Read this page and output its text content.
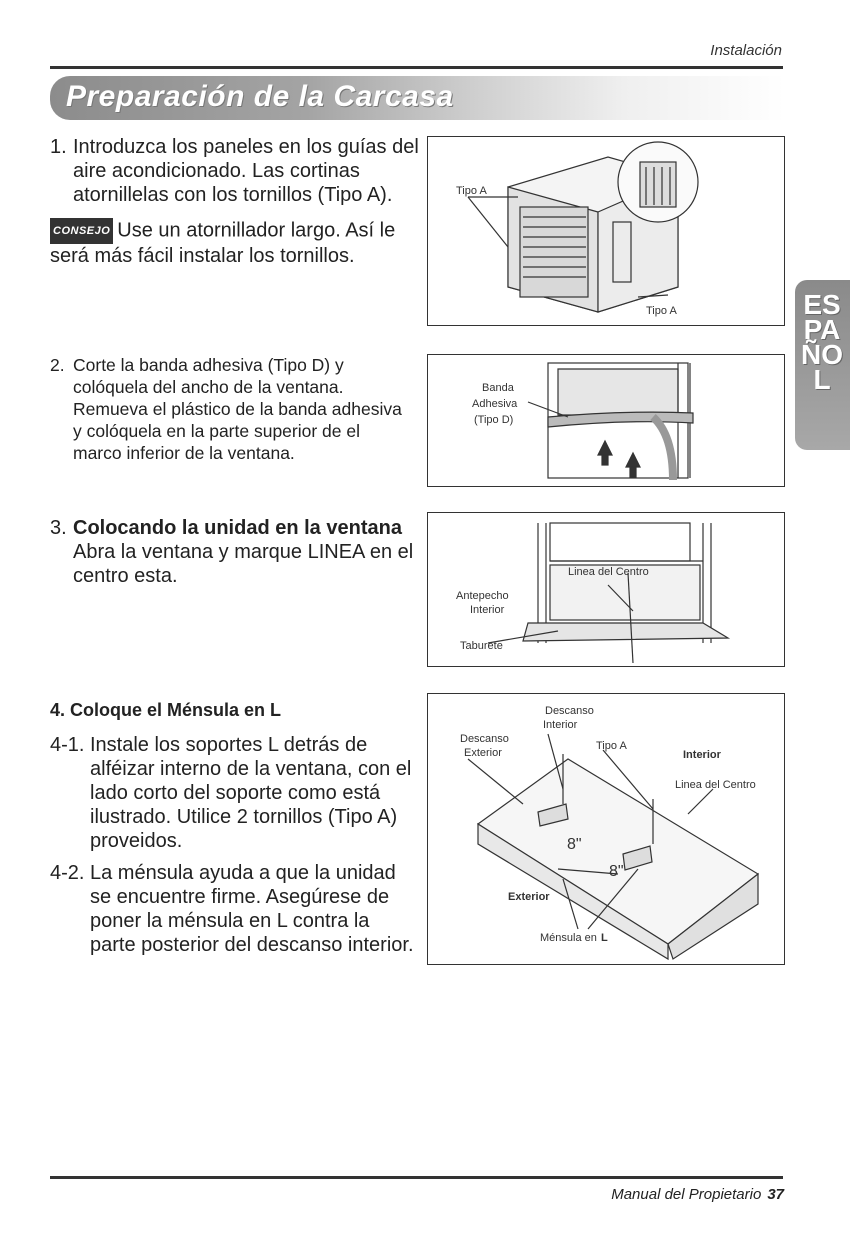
Instalación
Preparación de la Carcasa
ESPAÑOL
1. Introduzca los paneles en los guías del
aire acondicionado. Las cortinas
atornillelas con los tornillos (Tipo A).
CONSEJO Use un atornillador largo. Así le
será más fácil instalar los tornillos.
Tipo A
Tipo A
2. Corte la banda adhesiva (Tipo D) y
colóquela del ancho de la ventana.
Remueva el plástico de la banda adhesiva
y colóquela en la parte superior de el
marco inferior de la ventana.
Banda
Adhesiva
(Tipo D)
3. Colocando la unidad en la ventana
Abra la ventana y marque LINEA en el
centro esta.	Linea del Centro
Antepecho
Interior
Taburete
4. Coloque el Ménsula en L
4-1. Instale los soportes L detrás de
alféizar interno de la ventana, con el
lado corto del soporte como está
ilustrado. Utilice 2 tornillos (Tipo A)
proveidos.
4-2. La ménsula ayuda a que la unidad
se encuentre firme. Asegúrese de
poner la ménsula en L contra la
parte posterior del descanso interior.
Descanso
Interior
Descanso
Exterior
Tipo A
Interior
Linea del Centro
8"
8"
Exterior
Ménsula en L
Manual del Propietario 37
